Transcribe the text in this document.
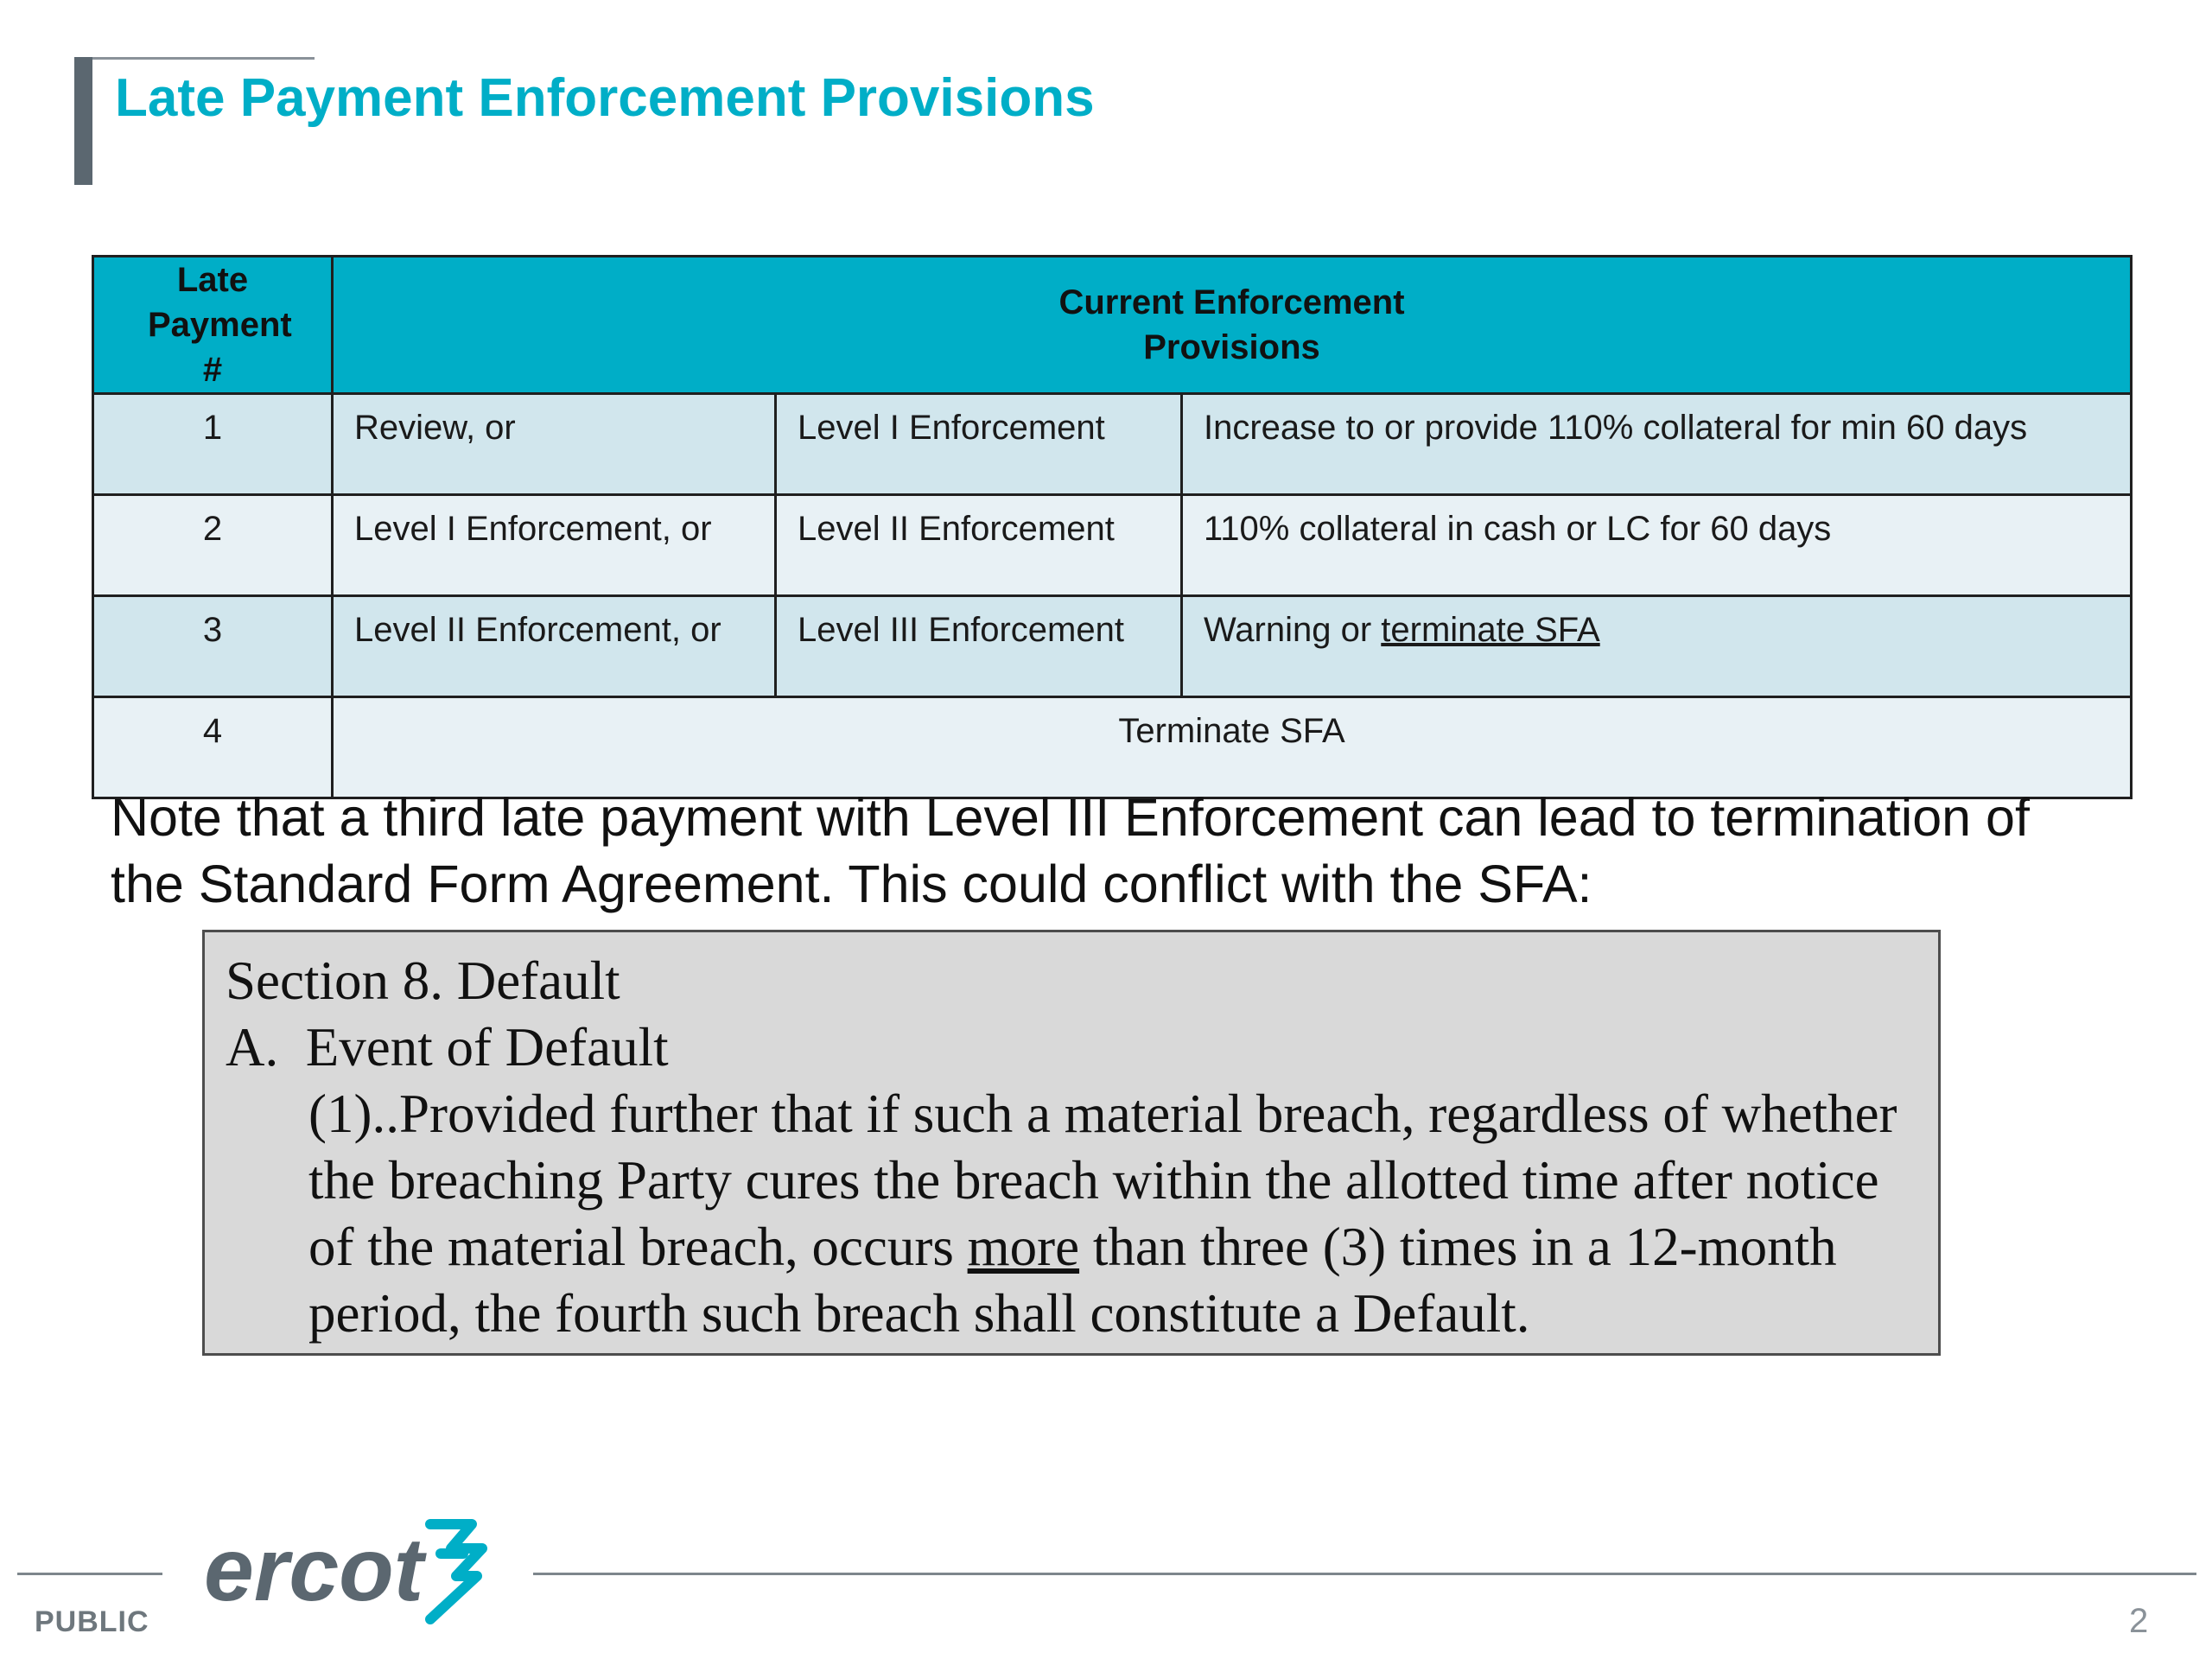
Late Payment Enforcement Provisions
Late Payment #	Current Enforcement Provisions		

1	Review, or	Level I Enforcement	Increase to or provide 110% collateral for min 60 days
2	Level I Enforcement, or	Level II Enforcement	110% collateral in cash or LC for 60 days
3	Level II Enforcement, or	Level III Enforcement	Warning or terminate SFA
4	Terminate SFA		
Note that a third late payment with Level III Enforcement can lead to termination of the Standard Form Agreement. This could conflict with the SFA:
Section 8. Default
A.  Event of Default
(1)..Provided further that if such a material breach, regardless of whether the breaching Party cures the breach within the allotted time after notice of the material breach, occurs more than three (3) times in a 12-month period, the fourth such breach shall constitute a Default.
ercot
PUBLIC	2
